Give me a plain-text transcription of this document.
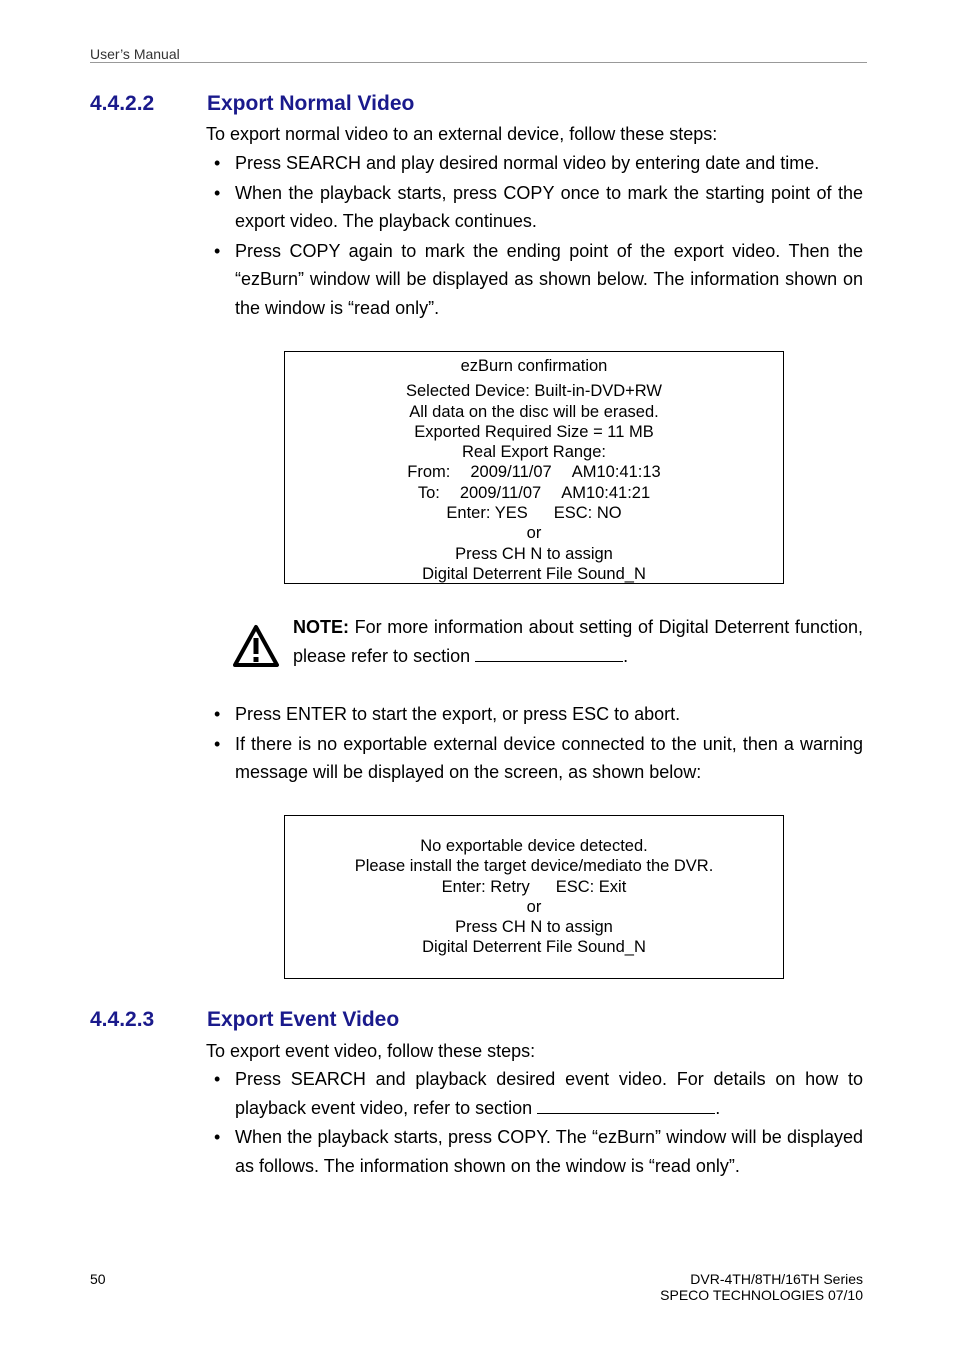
User’s Manual
4.4.2.2	Export Normal Video
To export normal video to an external device, follow these steps:
• Press SEARCH and play desired normal video by entering date and time.
• When the playback starts, press COPY once to mark the starting point of the export video. The playback continues.
• Press COPY again to mark the ending point of the export video. Then the “ezBurn” window will be displayed as shown below. The information shown on the window is “read only”.
ezBurn confirmation
Selected Device: Built-in-DVD+RW
All data on the disc will be erased.
Exported Required Size = 11 MB
Real Export Range:
From: 2009/11/07 AM10:41:13
To: 2009/11/07 AM10:41:21
Enter: YES ESC: NO
or
Press CH N to assign
Digital Deterrent File Sound_N
NOTE: For more information about setting of Digital Deterrent function, please refer to section	.
• Press ENTER to start the export, or press ESC to abort.
• If there is no exportable external device connected to the unit, then a warning message will be displayed on the screen, as shown below:
No exportable device detected.
Please install the target device/mediato the DVR.
Enter: Retry ESC: Exit
or
Press CH N to assign
Digital Deterrent File Sound_N
4.4.2.3	Export Event Video
To export event video, follow these steps:
• Press SEARCH and playback desired event video. For details on how to playback event video, refer to section	.
• When the playback starts, press COPY. The “ezBurn” window will be displayed as follows. The information shown on the window is “read only”.
50	DVR-4TH/8TH/16TH Series
SPECO TECHNOLOGIES 07/10
